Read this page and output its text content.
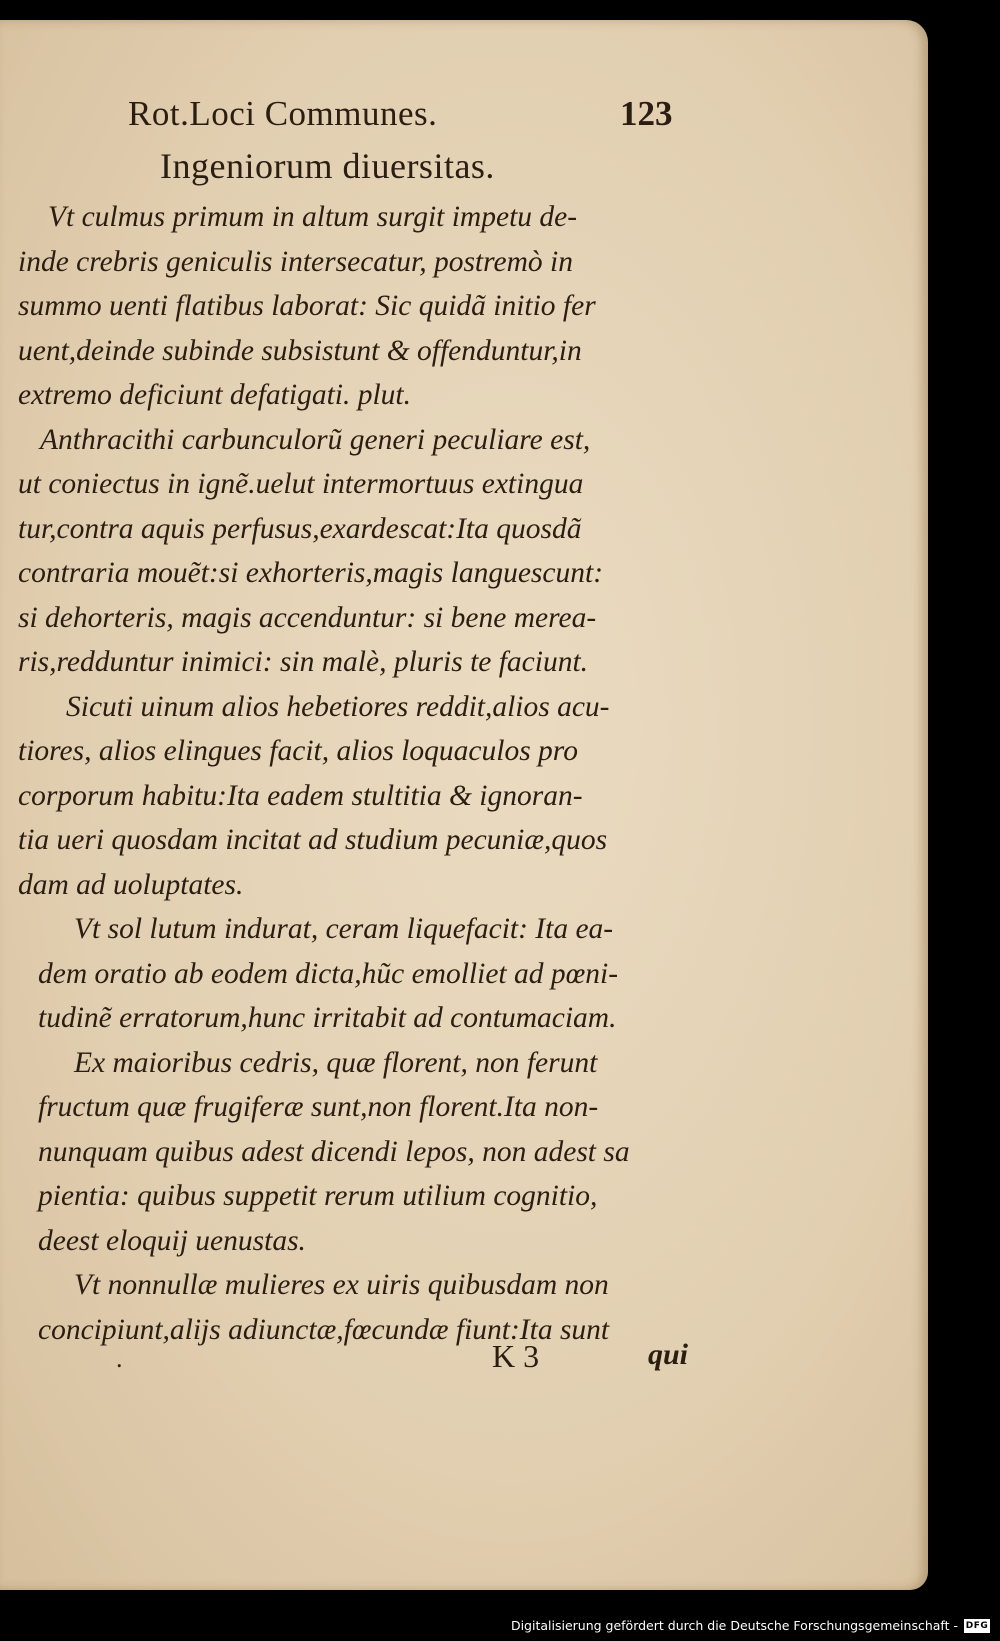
Rot.Loci Communes.	123
Ingeniorum diuersitas.

Vt culmus primum in altum surgit impetu de-
inde crebris geniculis intersecatur, postremò in
summo uenti flatibus laborat: Sic quidã initio fer
uent,deinde subinde subsistunt & offenduntur,in
extremo deficiunt defatigati. plut.

Anthracithi carbunculorũ generi peculiare est,
ut coniectus in ignẽ.uelut intermortuus extingua
tur,contra aquis perfusus,exardescat:Ita quosdã
contraria mouẽt:si exhorteris,magis languescunt:
si dehorteris, magis accenduntur: si bene merea-
ris,redduntur inimici: sin malè, pluris te faciunt.

Sicuti uinum alios hebetiores reddit,alios acu-
tiores, alios elingues facit, alios loquaculos pro
corporum habitu:Ita eadem stultitia & ignoran-
tia ueri quosdam incitat ad studium pecuniæ,quos
dam ad uoluptates.

Vt sol lutum indurat, ceram liquefacit: Ita ea-
dem oratio ab eodem dicta,hũc emolliet ad pœni-
tudinẽ erratorum,hunc irritabit ad contumaciam.

Ex maioribus cedris, quæ florent, non ferunt
fructum quæ frugiferæ sunt,non florent.Ita non-
nunquam quibus adest dicendi lepos, non adest sa
pientia: quibus suppetit rerum utilium cognitio,
deest eloquij uenustas.

Vt nonnullæ mulieres ex uiris quibusdam non
concipiunt,alijs adiunctæ,fœcundæ fiunt:Ita sunt

.	K 3	qui
Digitalisierung gefördert durch die Deutsche Forschungsgemeinschaft - DFG
